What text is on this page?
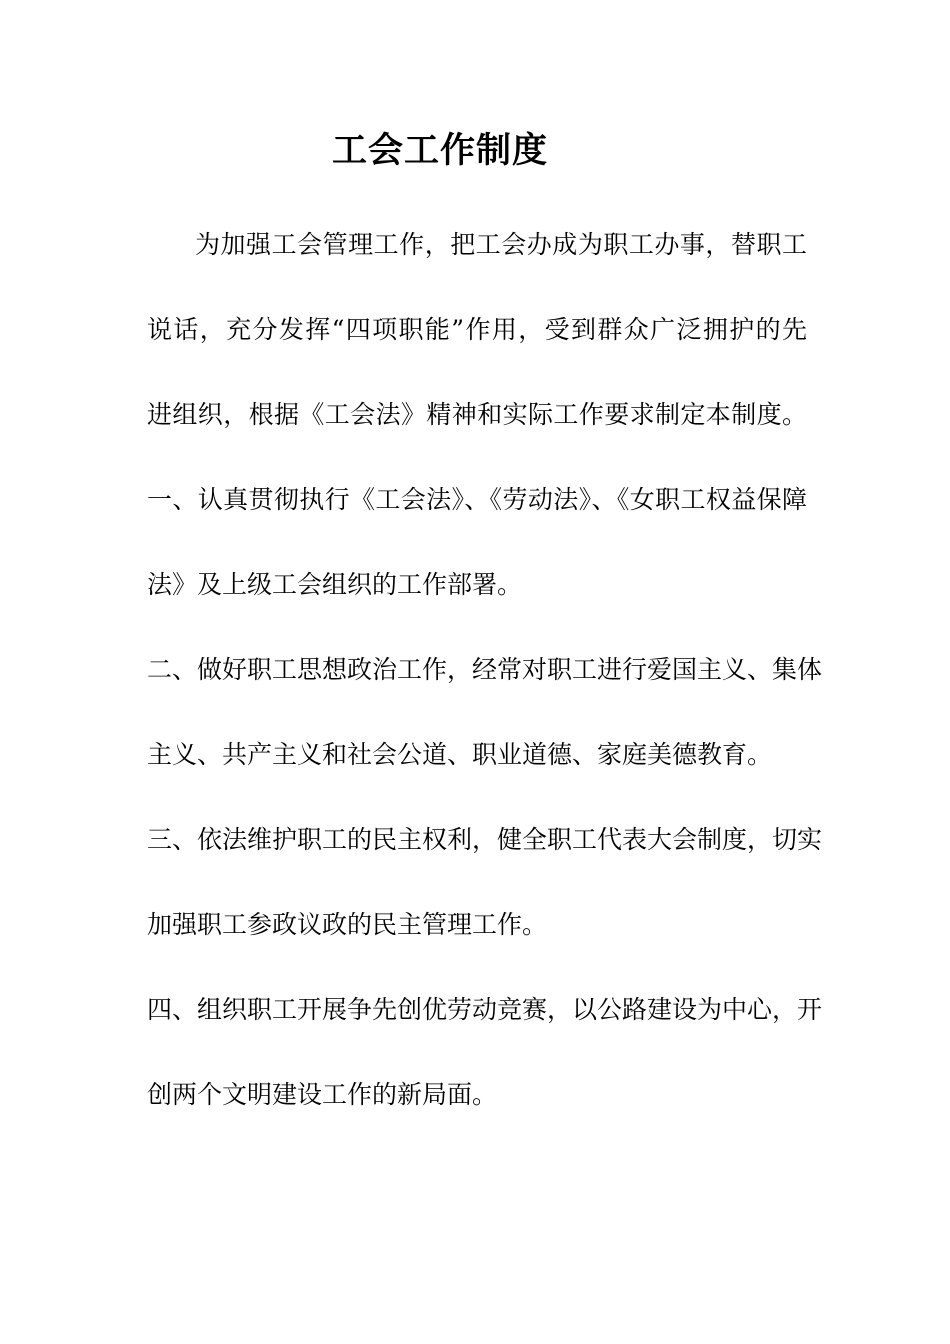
工会工作制度
为加强工会管理工作，把工会办成为职工办事，替职工
说话，充分发挥“四项职能”作用，受到群众广泛拥护的先
进组织，根据《工会法》精神和实际工作要求制定本制度。
一、认真贯彻执行《工会法》、《劳动法》、《女职工权益保障
法》及上级工会组织的工作部署。
二、做好职工思想政治工作，经常对职工进行爱国主义、集体
主义、共产主义和社会公道、职业道德、家庭美德教育。
三、依法维护职工的民主权利，健全职工代表大会制度，切实
加强职工参政议政的民主管理工作。
四、组织职工开展争先创优劳动竞赛，以公路建设为中心，开
创两个文明建设工作的新局面。
